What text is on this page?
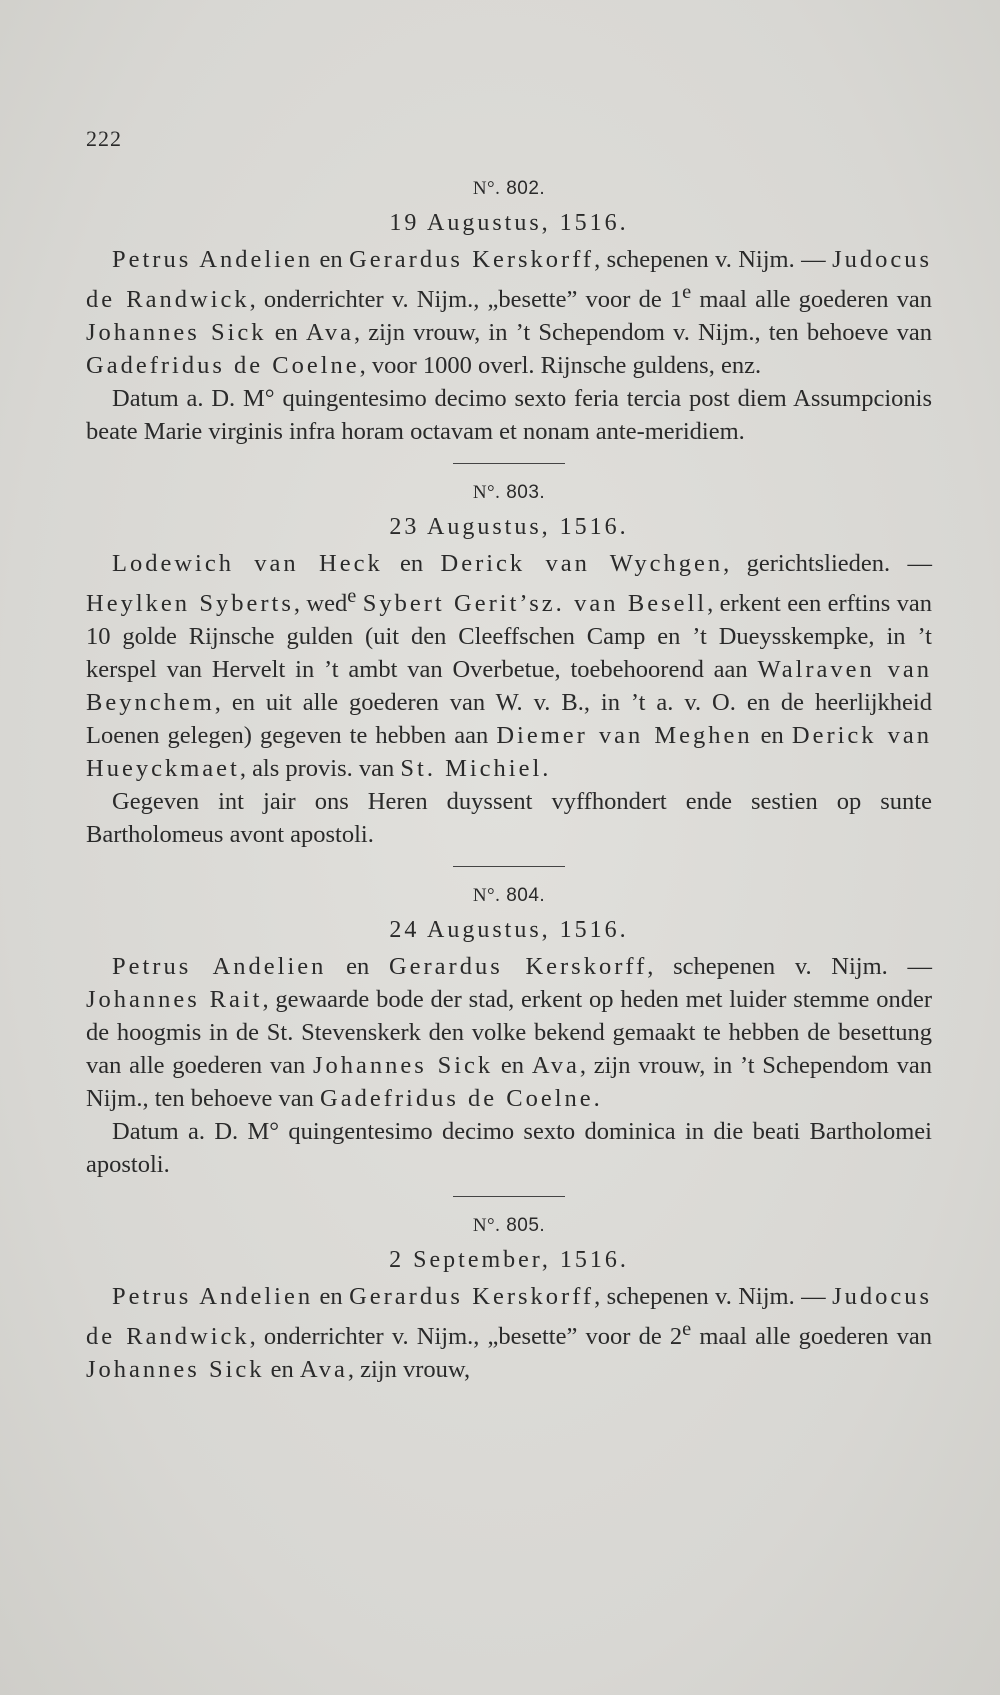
222
N°. 802.
19 Augustus, 1516.

Petrus Andelien en Gerardus Kerskorff, schepenen v. Nijm. — Judocus de Randwick, onderrichter v. Nijm., „besette” voor de 1e maal alle goederen van Johannes Sick en Ava, zijn vrouw, in ’t Schependom v. Nijm., ten behoeve van Gadefridus de Coelne, voor 1000 overl. Rijnsche guldens, enz.

Datum a. D. M° quingentesimo decimo sexto feria tercia post diem Assumpcionis beate Marie virginis infra horam octavam et nonam ante-meridiem.

N°. 803.
23 Augustus, 1516.

Lodewich van Heck en Derick van Wychgen, gerichtslieden. — Heylken Syberts, wed$^e$ Sybert Gerit’sz. van Besell, erkent een erftins van 10 golde Rijnsche gulden (uit den Cleeffschen Camp en ’t Dueysskempke, in ’t kerspel van Hervelt in ’t ambt van Overbetue, toebehoorend aan Walraven van Beynchem, en uit alle goederen van W. v. B., in ’t a. v. O. en de heerlijkheid Loenen gelegen) gegeven te hebben aan Diemer van Meghen en Derick van Hueyckmaet, als provis. van St. Michiel.

Gegeven int jair ons Heren duyssent vyffhondert ende sestien op sunte Bartholomeus avont apostoli.

N°. 804.
24 Augustus, 1516.

Petrus Andelien en Gerardus Kerskorff, schepenen v. Nijm. — Johannes Rait, gewaarde bode der stad, erkent op heden met luider stemme onder de hoogmis in de St. Stevenskerk den volke bekend gemaakt te hebben de besettung van alle goederen van Johannes Sick en Ava, zijn vrouw, in ’t Schependom van Nijm., ten behoeve van Gadefridus de Coelne.

Datum a. D. M° quingentesimo decimo sexto dominica in die beati Bartholomei apostoli.

N°. 805.
2 September, 1516.

Petrus Andelien en Gerardus Kerskorff, schepenen v. Nijm. — Judocus de Randwick, onderrichter v. Nijm., „besette” voor de 2e maal alle goederen van Johannes Sick en Ava, zijn vrouw,
